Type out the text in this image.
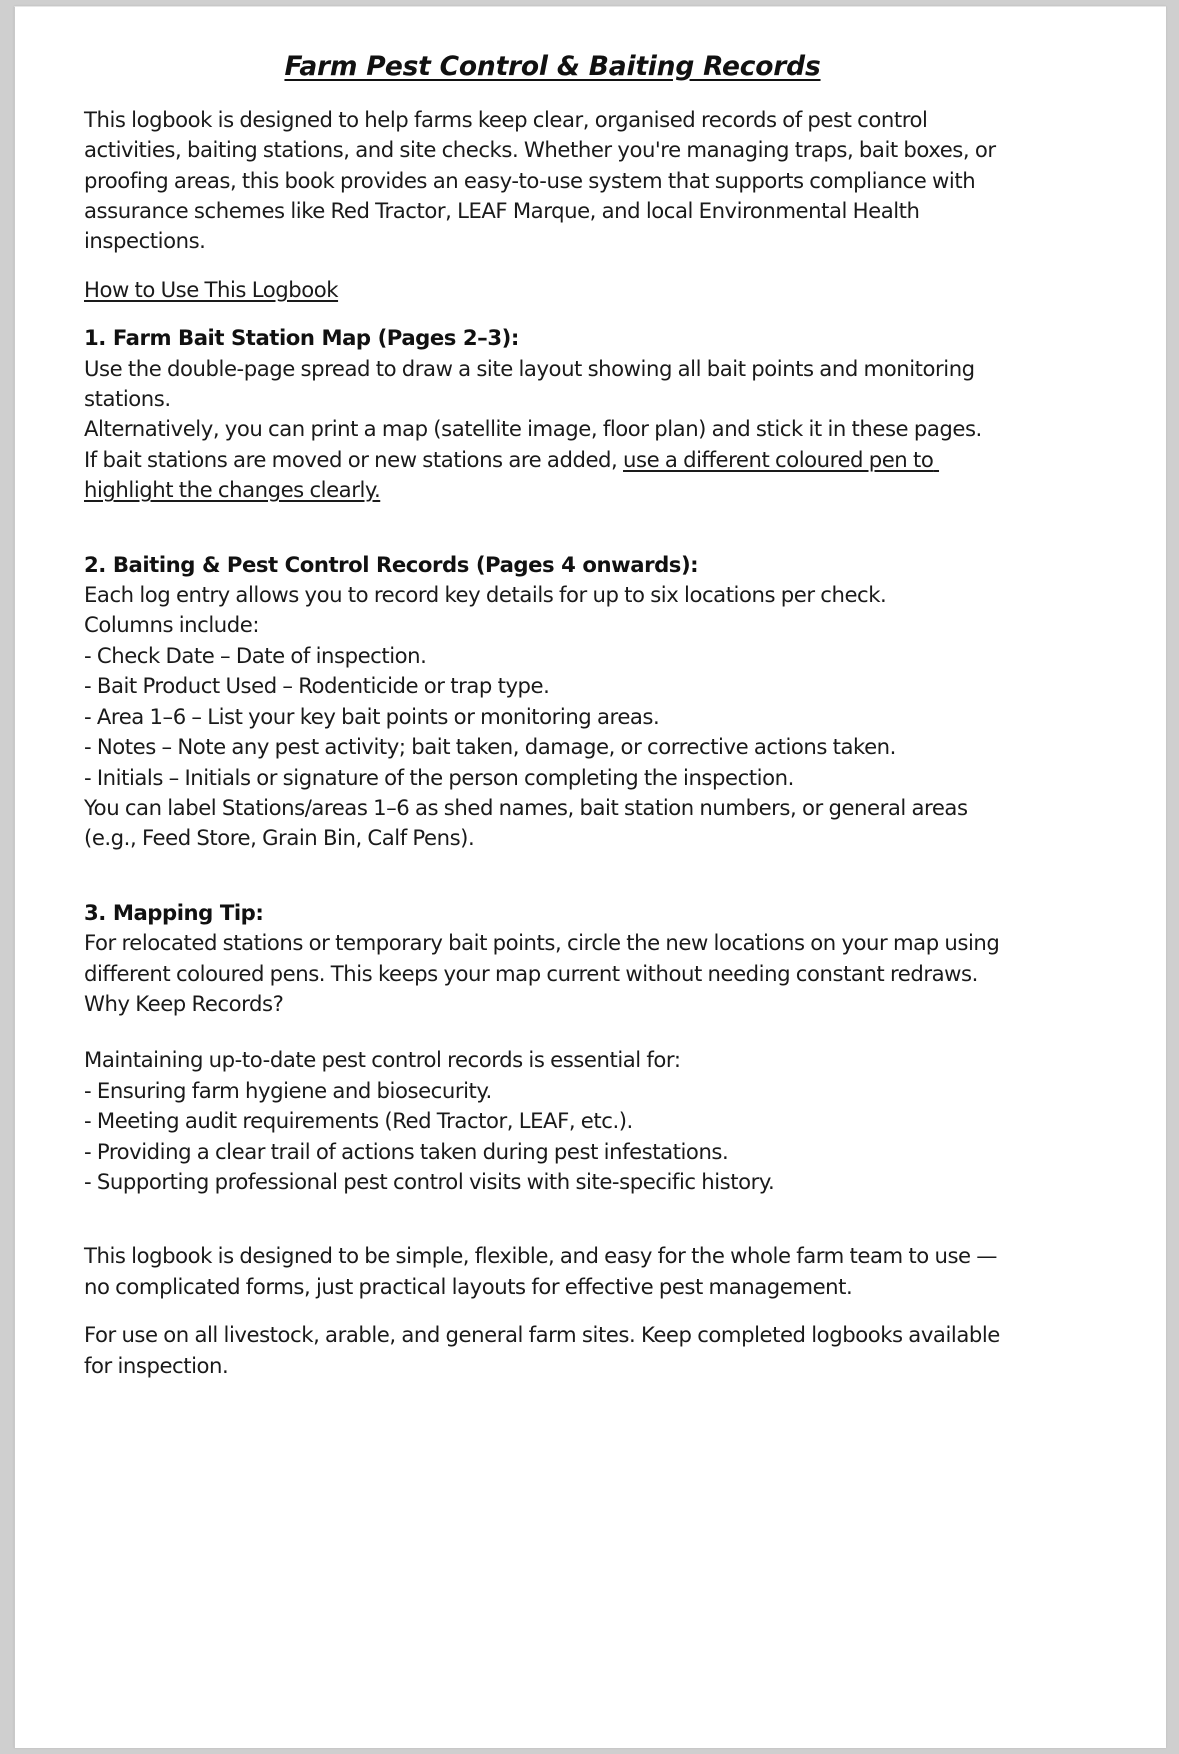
Farm Pest Control & Baiting Records

This logbook is designed to help farms keep clear, organised records of pest control activities, baiting stations, and site checks. Whether you're managing traps, bait boxes, or proofing areas, this book provides an easy-to-use system that supports compliance with assurance schemes like Red Tractor, LEAF Marque, and local Environmental Health inspections.

How to Use This Logbook

1. Farm Bait Station Map (Pages 2–3):
Use the double-page spread to draw a site layout showing all bait points and monitoring stations.
Alternatively, you can print a map (satellite image, floor plan) and stick it in these pages.
If bait stations are moved or new stations are added, use a different coloured pen to highlight the changes clearly.
2. Baiting & Pest Control Records (Pages 4 onwards):
Each log entry allows you to record key details for up to six locations per check.
Columns include:
- Check Date – Date of inspection.
- Bait Product Used – Rodenticide or trap type.
- Area 1–6 – List your key bait points or monitoring areas.
- Notes – Note any pest activity; bait taken, damage, or corrective actions taken.
- Initials – Initials or signature of the person completing the inspection.

You can label Stations/areas 1–6 as shed names, bait station numbers, or general areas (e.g., Feed Store, Grain Bin, Calf Pens).

3. Mapping Tip:

For relocated stations or temporary bait points, circle the new locations on your map using different coloured pens. This keeps your map current without needing constant redraws.

Why Keep Records?

Maintaining up-to-date pest control records is essential for:

- Ensuring farm hygiene and biosecurity.
- Meeting audit requirements (Red Tractor, LEAF, etc.).
- Providing a clear trail of actions taken during pest infestations.
- Supporting professional pest control visits with site-specific history.

This logbook is designed to be simple, flexible, and easy for the whole farm team to use — no complicated forms, just practical layouts for effective pest management.

For use on all livestock, arable, and general farm sites. Keep completed logbooks available for inspection.
